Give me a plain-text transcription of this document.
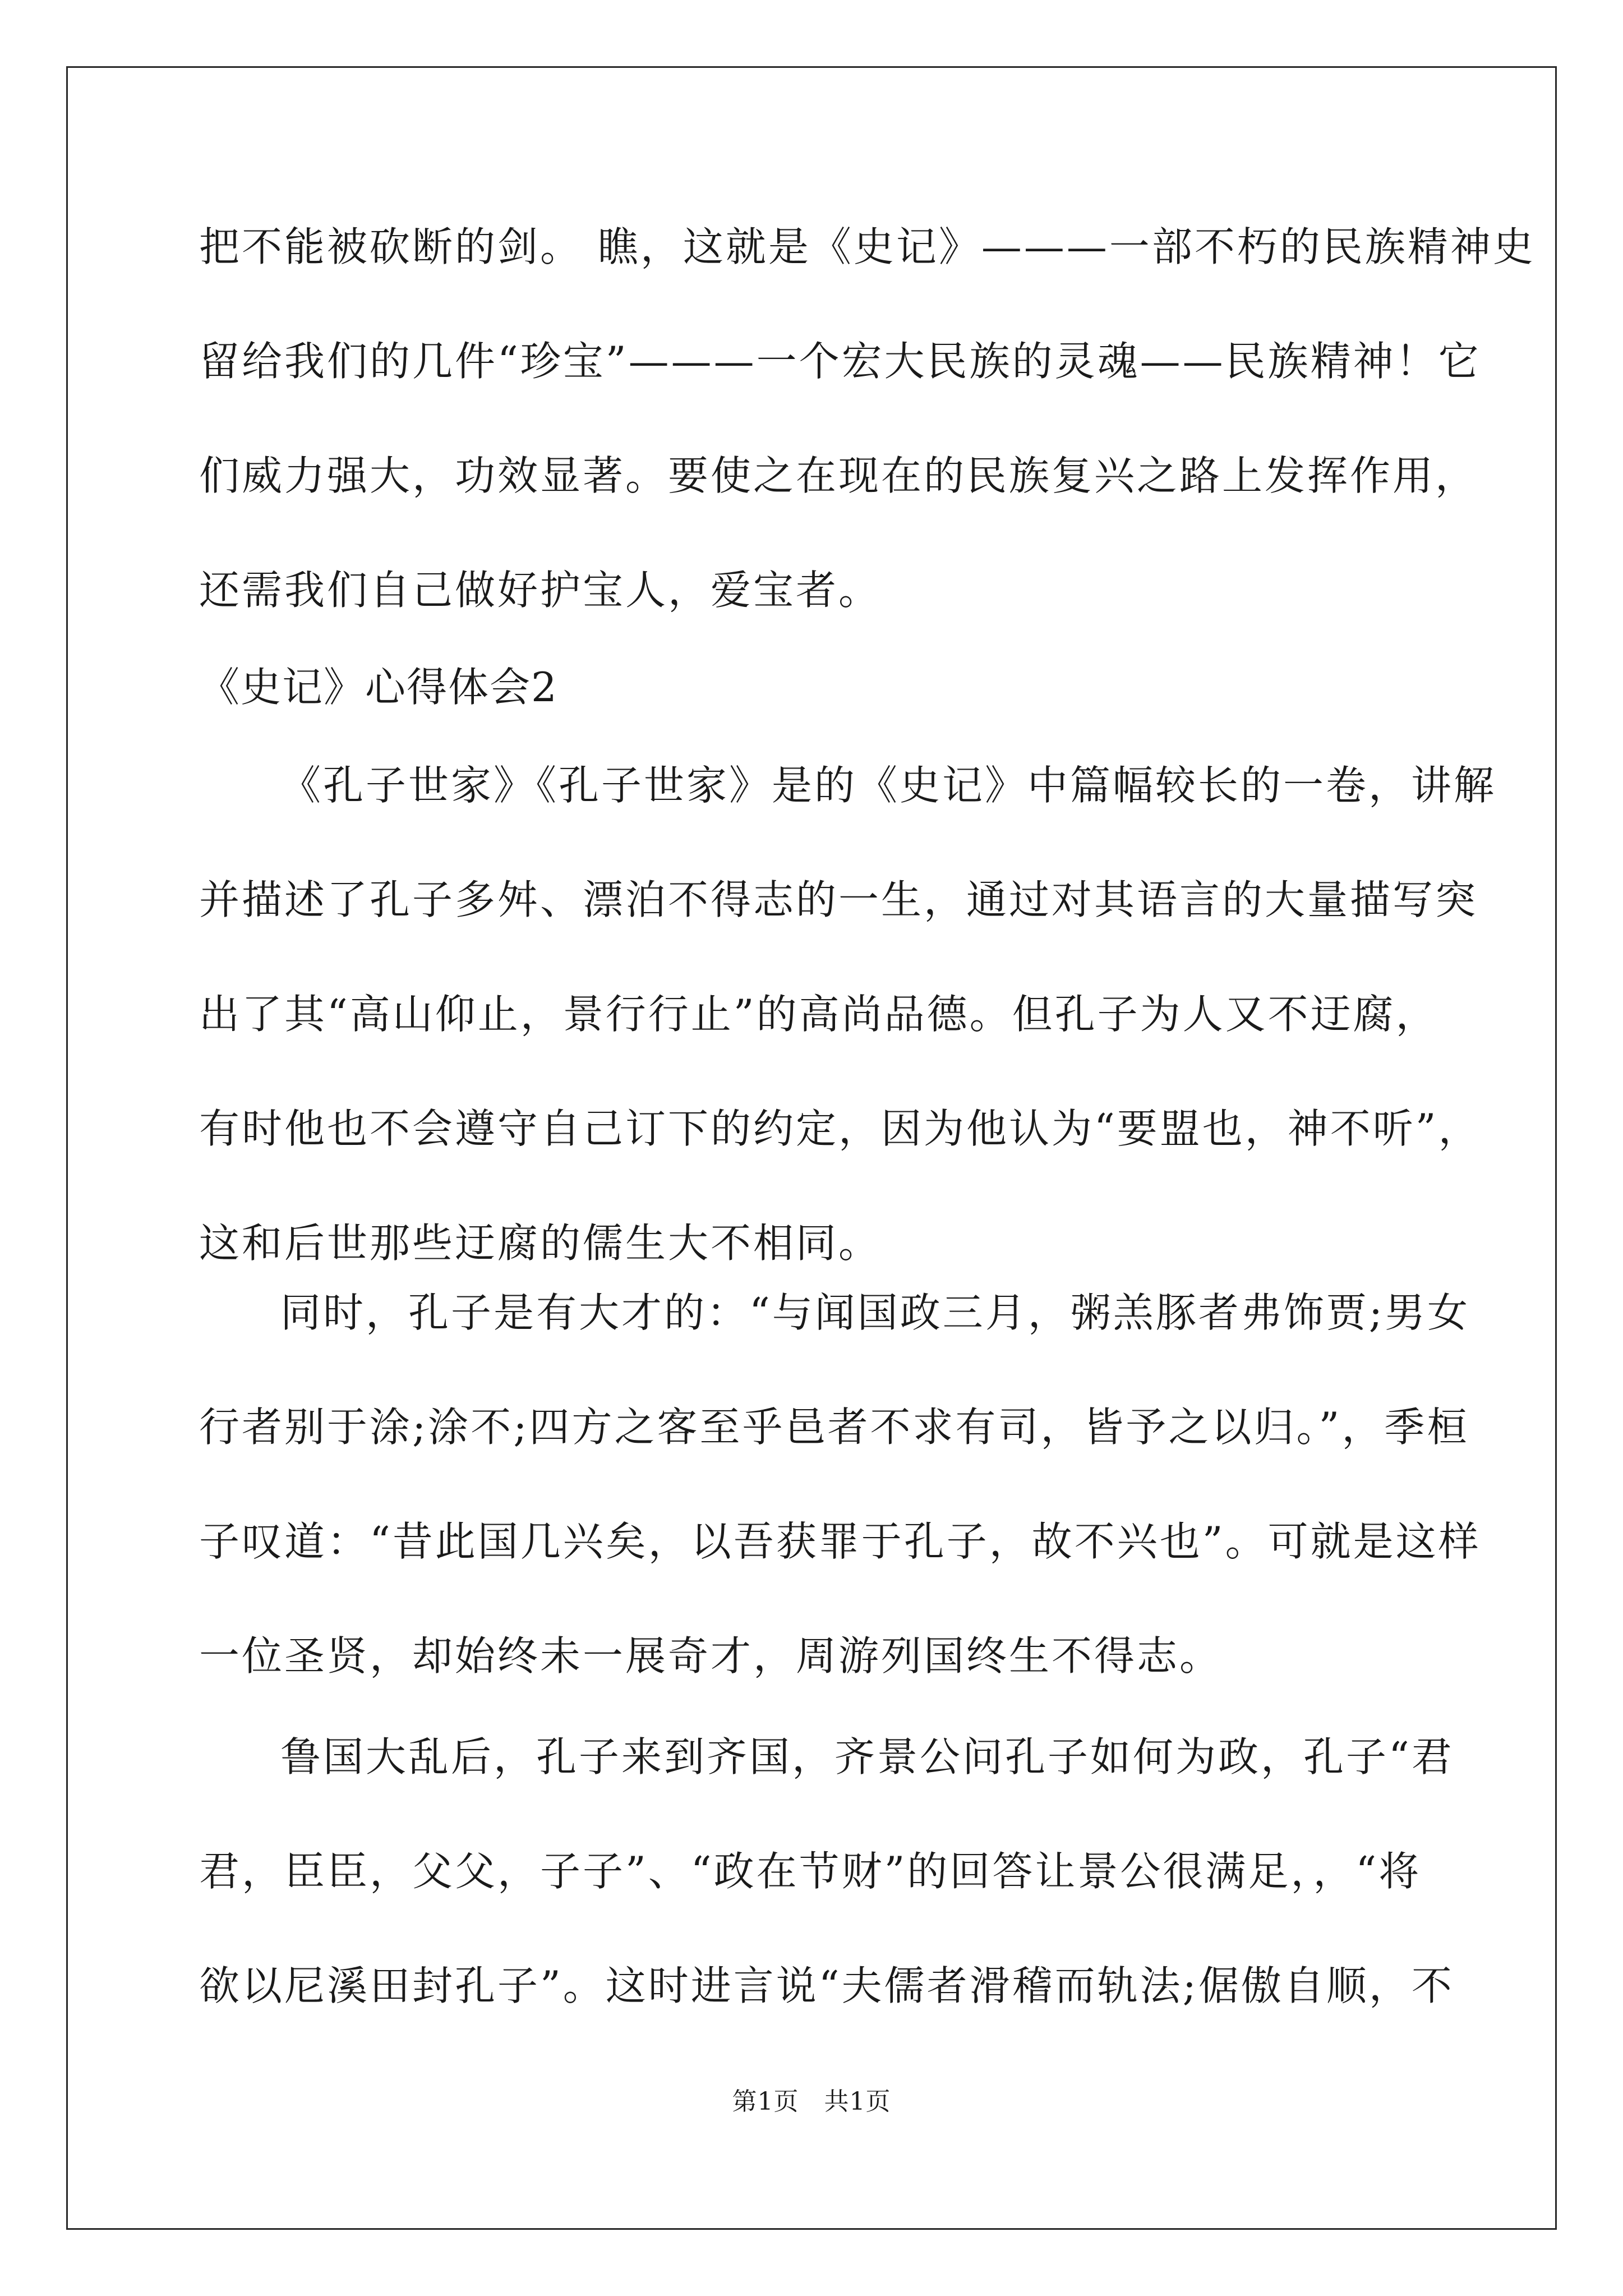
把不能被砍断的剑。 瞧，这就是《史记》———一部不朽的民族精神史
留给我们的几件“珍宝”———一个宏大民族的灵魂——民族精神！它
们威力强大，功效显著。要使之在现在的民族复兴之路上发挥作用，
还需我们自己做好护宝人，爱宝者。
《史记》心得体会2
《孔子世家》《孔子世家》是的《史记》中篇幅较长的一卷，讲解
并描述了孔子多舛、漂泊不得志的一生，通过对其语言的大量描写突
出了其“高山仰止，景行行止”的高尚品德。但孔子为人又不迂腐，
有时他也不会遵守自己订下的约定，因为他认为“要盟也，神不听”，
这和后世那些迂腐的儒生大不相同。
同时，孔子是有大才的：“与闻国政三月，粥羔豚者弗饰贾;男女
行者别于涂;涂不;四方之客至乎邑者不求有司，皆予之以归。”，季桓
子叹道：“昔此国几兴矣，以吾获罪于孔子，故不兴也”。可就是这样
一位圣贤，却始终未一展奇才，周游列国终生不得志。
鲁国大乱后，孔子来到齐国，齐景公问孔子如何为政，孔子“君
君，臣臣，父父，子子”、“政在节财”的回答让景公很满足，，“将
欲以尼溪田封孔子”。这时进言说“夫儒者滑稽而轨法;倨傲自顺，不
第1页　共1页
